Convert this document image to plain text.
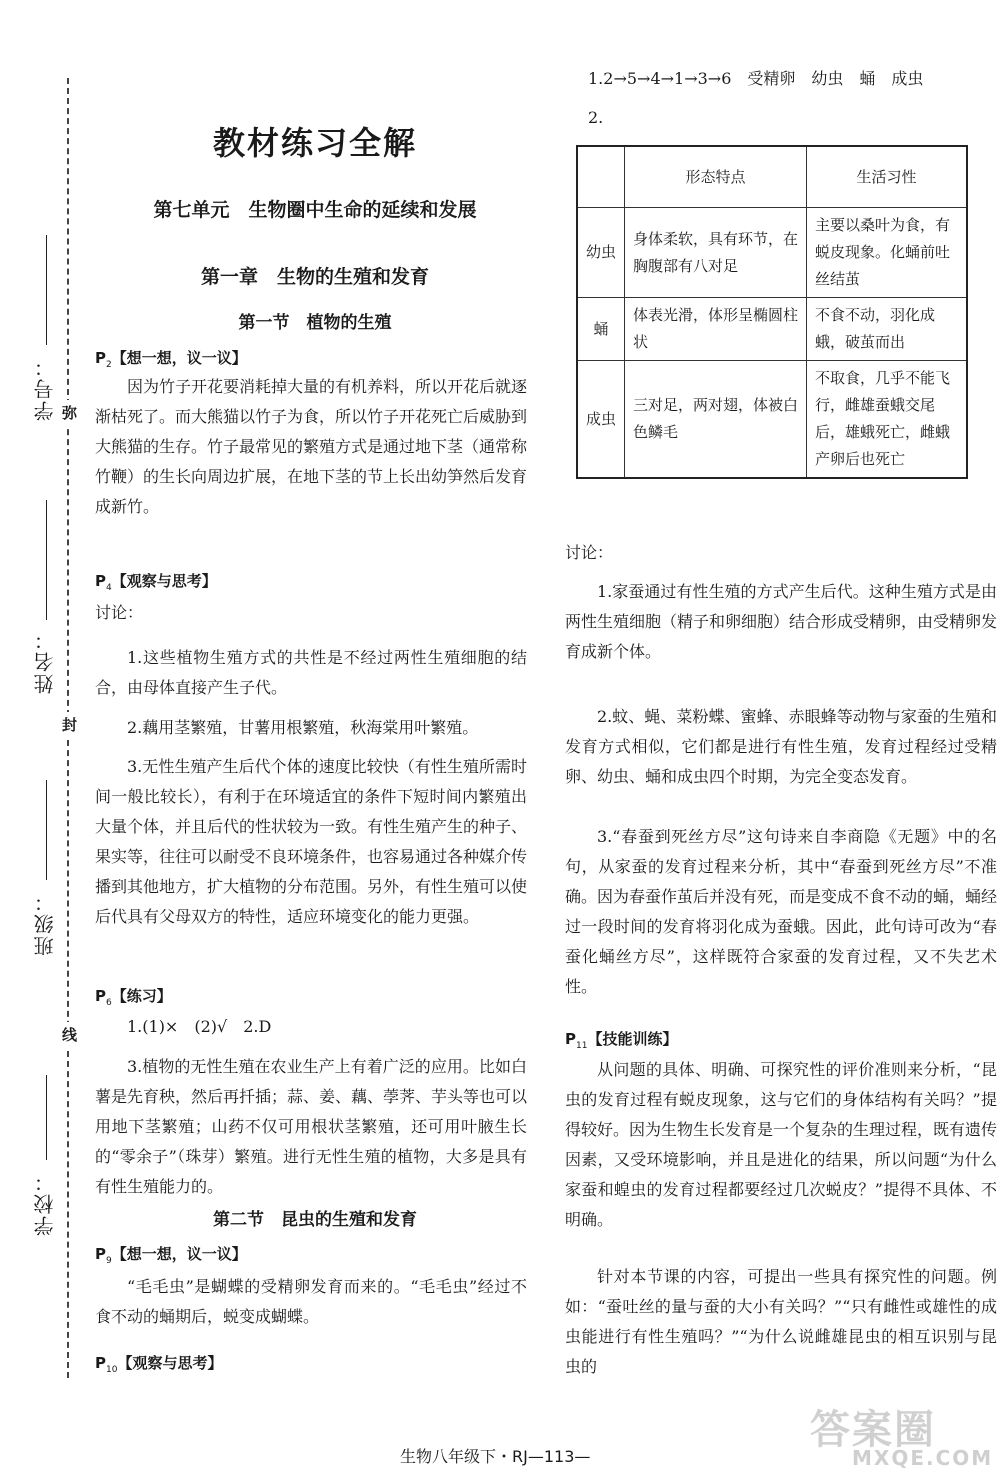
弥
封
线
学号：
姓名：
班级：
学校：
教材练习全解
第七单元　生物圈中生命的延续和发展
第一章　生物的生殖和发育
第一节　植物的生殖
$P_2$【想一想，议一议】
因为竹子开花要消耗掉大量的有机养料，所以开花后就逐渐枯死了。而大熊猫以竹子为食，所以竹子开花死亡后威胁到大熊猫的生存。竹子最常见的繁殖方式是通过地下茎（通常称竹鞭）的生长向周边扩展，在地下茎的节上长出幼笋然后发育成新竹。
$P_4$【观察与思考】
讨论：
1.这些植物生殖方式的共性是不经过两性生殖细胞的结合，由母体直接产生子代。
2.藕用茎繁殖，甘薯用根繁殖，秋海棠用叶繁殖。
3.无性生殖产生后代个体的速度比较快（有性生殖所需时间一般比较长），有利于在环境适宜的条件下短时间内繁殖出大量个体，并且后代的性状较为一致。有性生殖产生的种子、果实等，往往可以耐受不良环境条件，也容易通过各种媒介传播到其他地方，扩大植物的分布范围。另外，有性生殖可以使后代具有父母双方的特性，适应环境变化的能力更强。
$P_6$【练习】
1.(1)×　(2)√　2.D
3.植物的无性生殖在农业生产上有着广泛的应用。比如白薯是先育秧，然后再扦插；蒜、姜、藕、荸荠、芋头等也可以用地下茎繁殖；山药不仅可用根状茎繁殖，还可用叶腋生长的“零余子”（珠芽）繁殖。进行无性生殖的植物，大多是具有有性生殖能力的。
第二节　昆虫的生殖和发育
$P_9$【想一想，议一议】
“毛毛虫”是蝴蝶的受精卵发育而来的。“毛毛虫”经过不食不动的蛹期后，蜕变成蝴蝶。
$P_{10}$【观察与思考】
1.2→5→4→1→3→6　受精卵　幼虫　蛹　成虫
2.
	形态特点	生活习性
幼虫	身体柔软，具有环节，在胸腹部有八对足	主要以桑叶为食，有蜕皮现象。化蛹前吐丝结茧
蛹	体表光滑，体形呈椭圆柱状	不食不动，羽化成蛾，破茧而出
成虫	三对足，两对翅，体被白色鳞毛	不取食，几乎不能飞行，雌雄蚕蛾交尾后，雄蛾死亡，雌蛾产卵后也死亡
讨论：
1.家蚕通过有性生殖的方式产生后代。这种生殖方式是由两性生殖细胞（精子和卵细胞）结合形成受精卵，由受精卵发育成新个体。
2.蚊、蝇、菜粉蝶、蜜蜂、赤眼蜂等动物与家蚕的生殖和发育方式相似，它们都是进行有性生殖，发育过程经过受精卵、幼虫、蛹和成虫四个时期，为完全变态发育。
3.“春蚕到死丝方尽”这句诗来自李商隐《无题》中的名句，从家蚕的发育过程来分析，其中“春蚕到死丝方尽”不准确。因为春蚕作茧后并没有死，而是变成不食不动的蛹，蛹经过一段时间的发育将羽化成为蚕蛾。因此，此句诗可改为“春蚕化蛹丝方尽”，这样既符合家蚕的发育过程，又不失艺术性。
$P_{11}$【技能训练】
从问题的具体、明确、可探究性的评价准则来分析，“昆虫的发育过程有蜕皮现象，这与它们的身体结构有关吗？”提得较好。因为生物生长发育是一个复杂的生理过程，既有遗传因素，又受环境影响，并且是进化的结果，所以问题“为什么家蚕和蝗虫的发育过程都要经过几次蜕皮？”提得不具体、不明确。
针对本节课的内容，可提出一些具有探究性的问题。例如：“蚕吐丝的量与蚕的大小有关吗？”“只有雌性或雄性的成虫能进行有性生殖吗？”“为什么说雌雄昆虫的相互识别与昆虫的
生物八年级下・RJ—113—
答案圈
MXQE.COM
